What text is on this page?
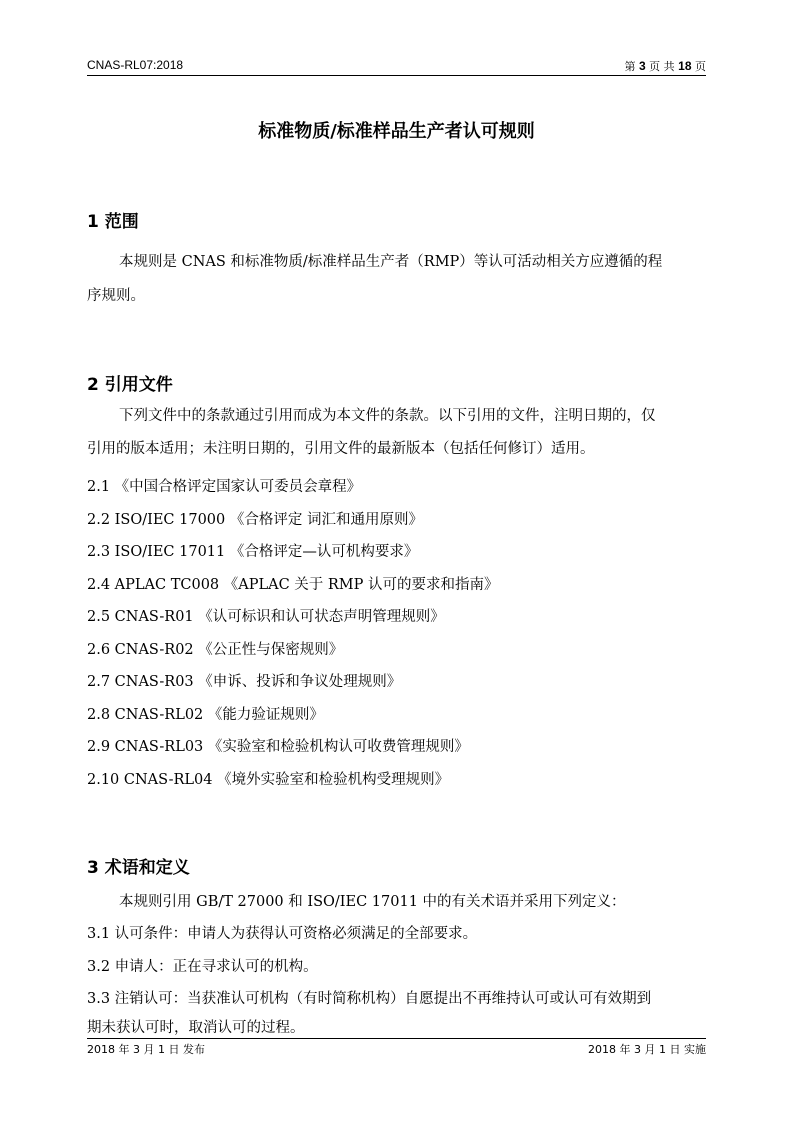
CNAS-RL07:2018	第 3 页 共 18 页
标准物质/标准样品生产者认可规则
1 范围
本规则是 CNAS 和标准物质/标准样品生产者（RMP）等认可活动相关方应遵循的程
序规则。
2 引用文件
下列文件中的条款通过引用而成为本文件的条款。以下引用的文件，注明日期的，仅
引用的版本适用；未注明日期的，引用文件的最新版本（包括任何修订）适用。
2.1 《中国合格评定国家认可委员会章程》
2.2 ISO/IEC 17000 《合格评定 词汇和通用原则》
2.3 ISO/IEC 17011 《合格评定—认可机构要求》
2.4 APLAC TC008 《APLAC 关于 RMP 认可的要求和指南》
2.5 CNAS-R01 《认可标识和认可状态声明管理规则》
2.6 CNAS-R02 《公正性与保密规则》
2.7 CNAS-R03 《申诉、投诉和争议处理规则》
2.8 CNAS-RL02 《能力验证规则》
2.9 CNAS-RL03 《实验室和检验机构认可收费管理规则》
2.10 CNAS-RL04 《境外实验室和检验机构受理规则》
3 术语和定义
本规则引用 GB/T 27000 和 ISO/IEC 17011 中的有关术语并采用下列定义：
3.1 认可条件：申请人为获得认可资格必须满足的全部要求。
3.2 申请人：正在寻求认可的机构。
3.3 注销认可：当获准认可机构（有时简称机构）自愿提出不再维持认可或认可有效期到
期未获认可时，取消认可的过程。
2018 年 3 月 1 日 发布	2018 年 3 月 1 日 实施
